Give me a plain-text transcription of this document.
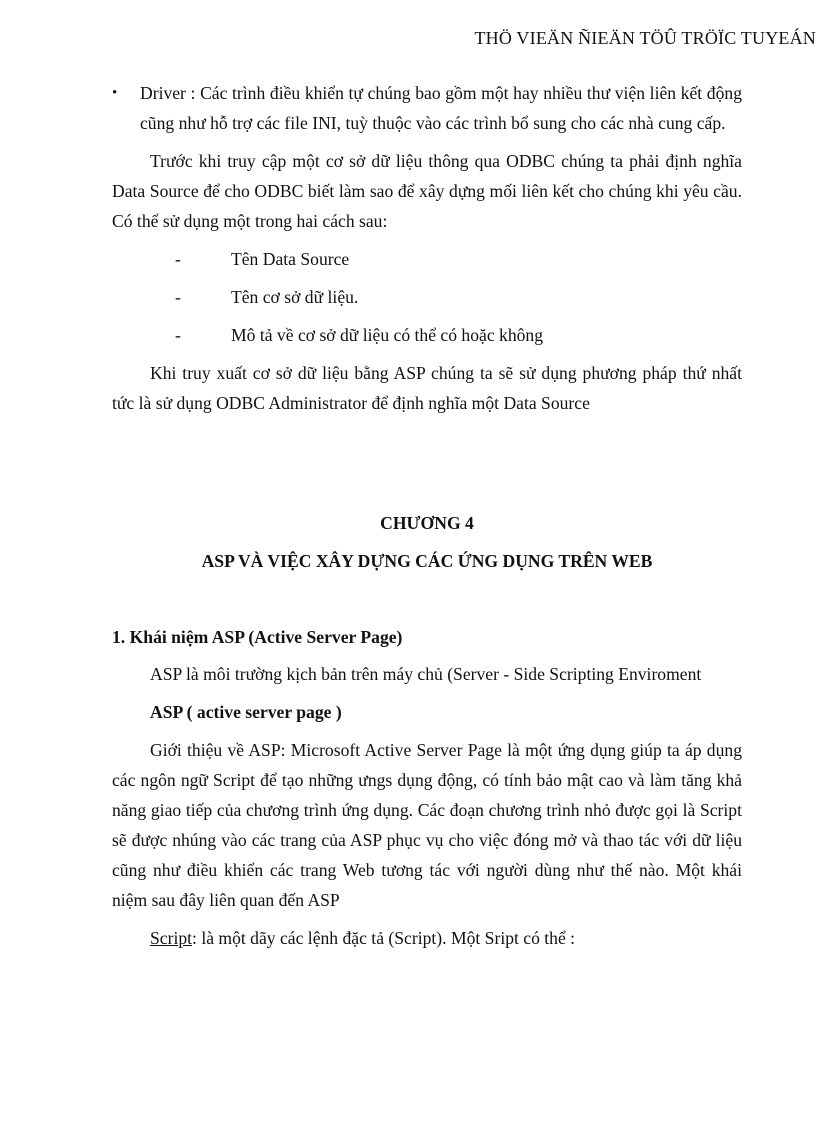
THÖ VIEÄN ÑIEÄN TÖÛ TRÖÏC TUYEÁN

• Driver : Các trình điều khiển tự chúng bao gồm một hay nhiều thư viện liên kết động cũng như hỗ trợ các file INI, tuỳ thuộc vào các trình bổ sung cho các nhà cung cấp.

Trước khi truy cập một cơ sở dữ liệu thông qua ODBC chúng ta phải định nghĩa Data Source để cho ODBC biết làm sao để xây dựng mối liên kết cho chúng khi yêu cầu. Có thể sử dụng một trong hai cách sau:

-	Tên Data Source
-	Tên cơ sở dữ liệu.
-	Mô tả về cơ sở dữ liệu có thể có hoặc không

Khi truy xuất cơ sở dữ liệu bằng ASP chúng ta sẽ sử dụng phương pháp thứ nhất tức là sử dụng ODBC Administrator để định nghĩa một Data Source

CHƯƠNG 4
ASP VÀ VIỆC XÂY DỰNG CÁC ỨNG DỤNG TRÊN WEB

1. Khái niệm ASP (Active Server Page)

ASP là môi trường kịch bản trên máy chủ (Server - Side Scripting Enviroment

ASP ( active server page )

Giới thiệu về ASP: Microsoft Active Server Page là một ứng dụng giúp ta áp dụng các ngôn ngữ Script để tạo những ưngs dụng động, có tính bảo mật cao và làm tăng khả năng giao tiếp của chương trình ứng dụng. Các đoạn chương trình nhỏ được gọi là Script sẽ được nhúng vào các trang của ASP phục vụ cho việc đóng mở và thao tác với dữ liệu cũng như điều khiển các trang Web tương tác với người dùng như thế nào. Một khái niệm sau đây liên quan đến ASP

Script: là một dãy các lệnh đặc tả (Script). Một Sript có thể :
